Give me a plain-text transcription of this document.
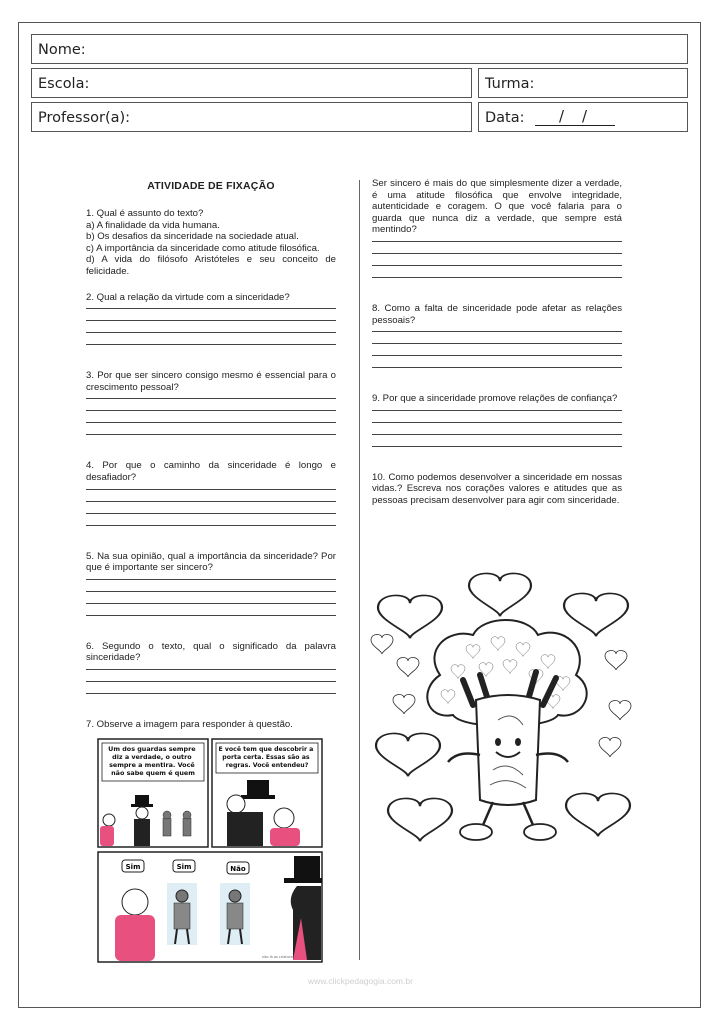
Nome:
Escola:	Turma:
Professor(a):	Data: / /
ATIVIDADE DE FIXAÇÃO

1. Qual é assunto do texto?

a) A finalidade da vida humana.

b) Os desafios da sinceridade na sociedade atual.

c) A importância da sinceridade como atitude filosófica.

d) A vida do filósofo Aristóteles e seu conceito de felicidade.

2. Qual a relação da virtude com a sinceridade?
3. Por que ser sincero consigo mesmo é essencial para o crescimento pessoal?
4. Por que o caminho da sinceridade é longo e desafiador?
5. Na sua opinião, qual a importância da sinceridade? Por que é importante ser sincero?
6. Segundo o texto, qual o significado da palavra sinceridade?
7. Observe a imagem para responder à questão.
Um dos guardas sempre diz a verdade, o outro sempre a mentira. Você não sabe quem é quem
E você tem que descobrir a porta certa. Essas são as regras. Você entendeu?
Sim	Sim	Não
não lá as criaturas
Ser sincero é mais do que simplesmente dizer a verdade, é uma atitude filosófica que envolve integridade, autenticidade e coragem. O que você falaria para o guarda que nunca diz a verdade, que sempre está mentindo?
8. Como a falta de sinceridade pode afetar as relações pessoais?
9. Por que a sinceridade promove relações de confiança?
10. Como podemos desenvolver a sinceridade em nossas vidas.? Escreva nos corações valores e atitudes que as pessoas precisam desenvolver para agir com sinceridade.
www.clickpedagogia.com.br
